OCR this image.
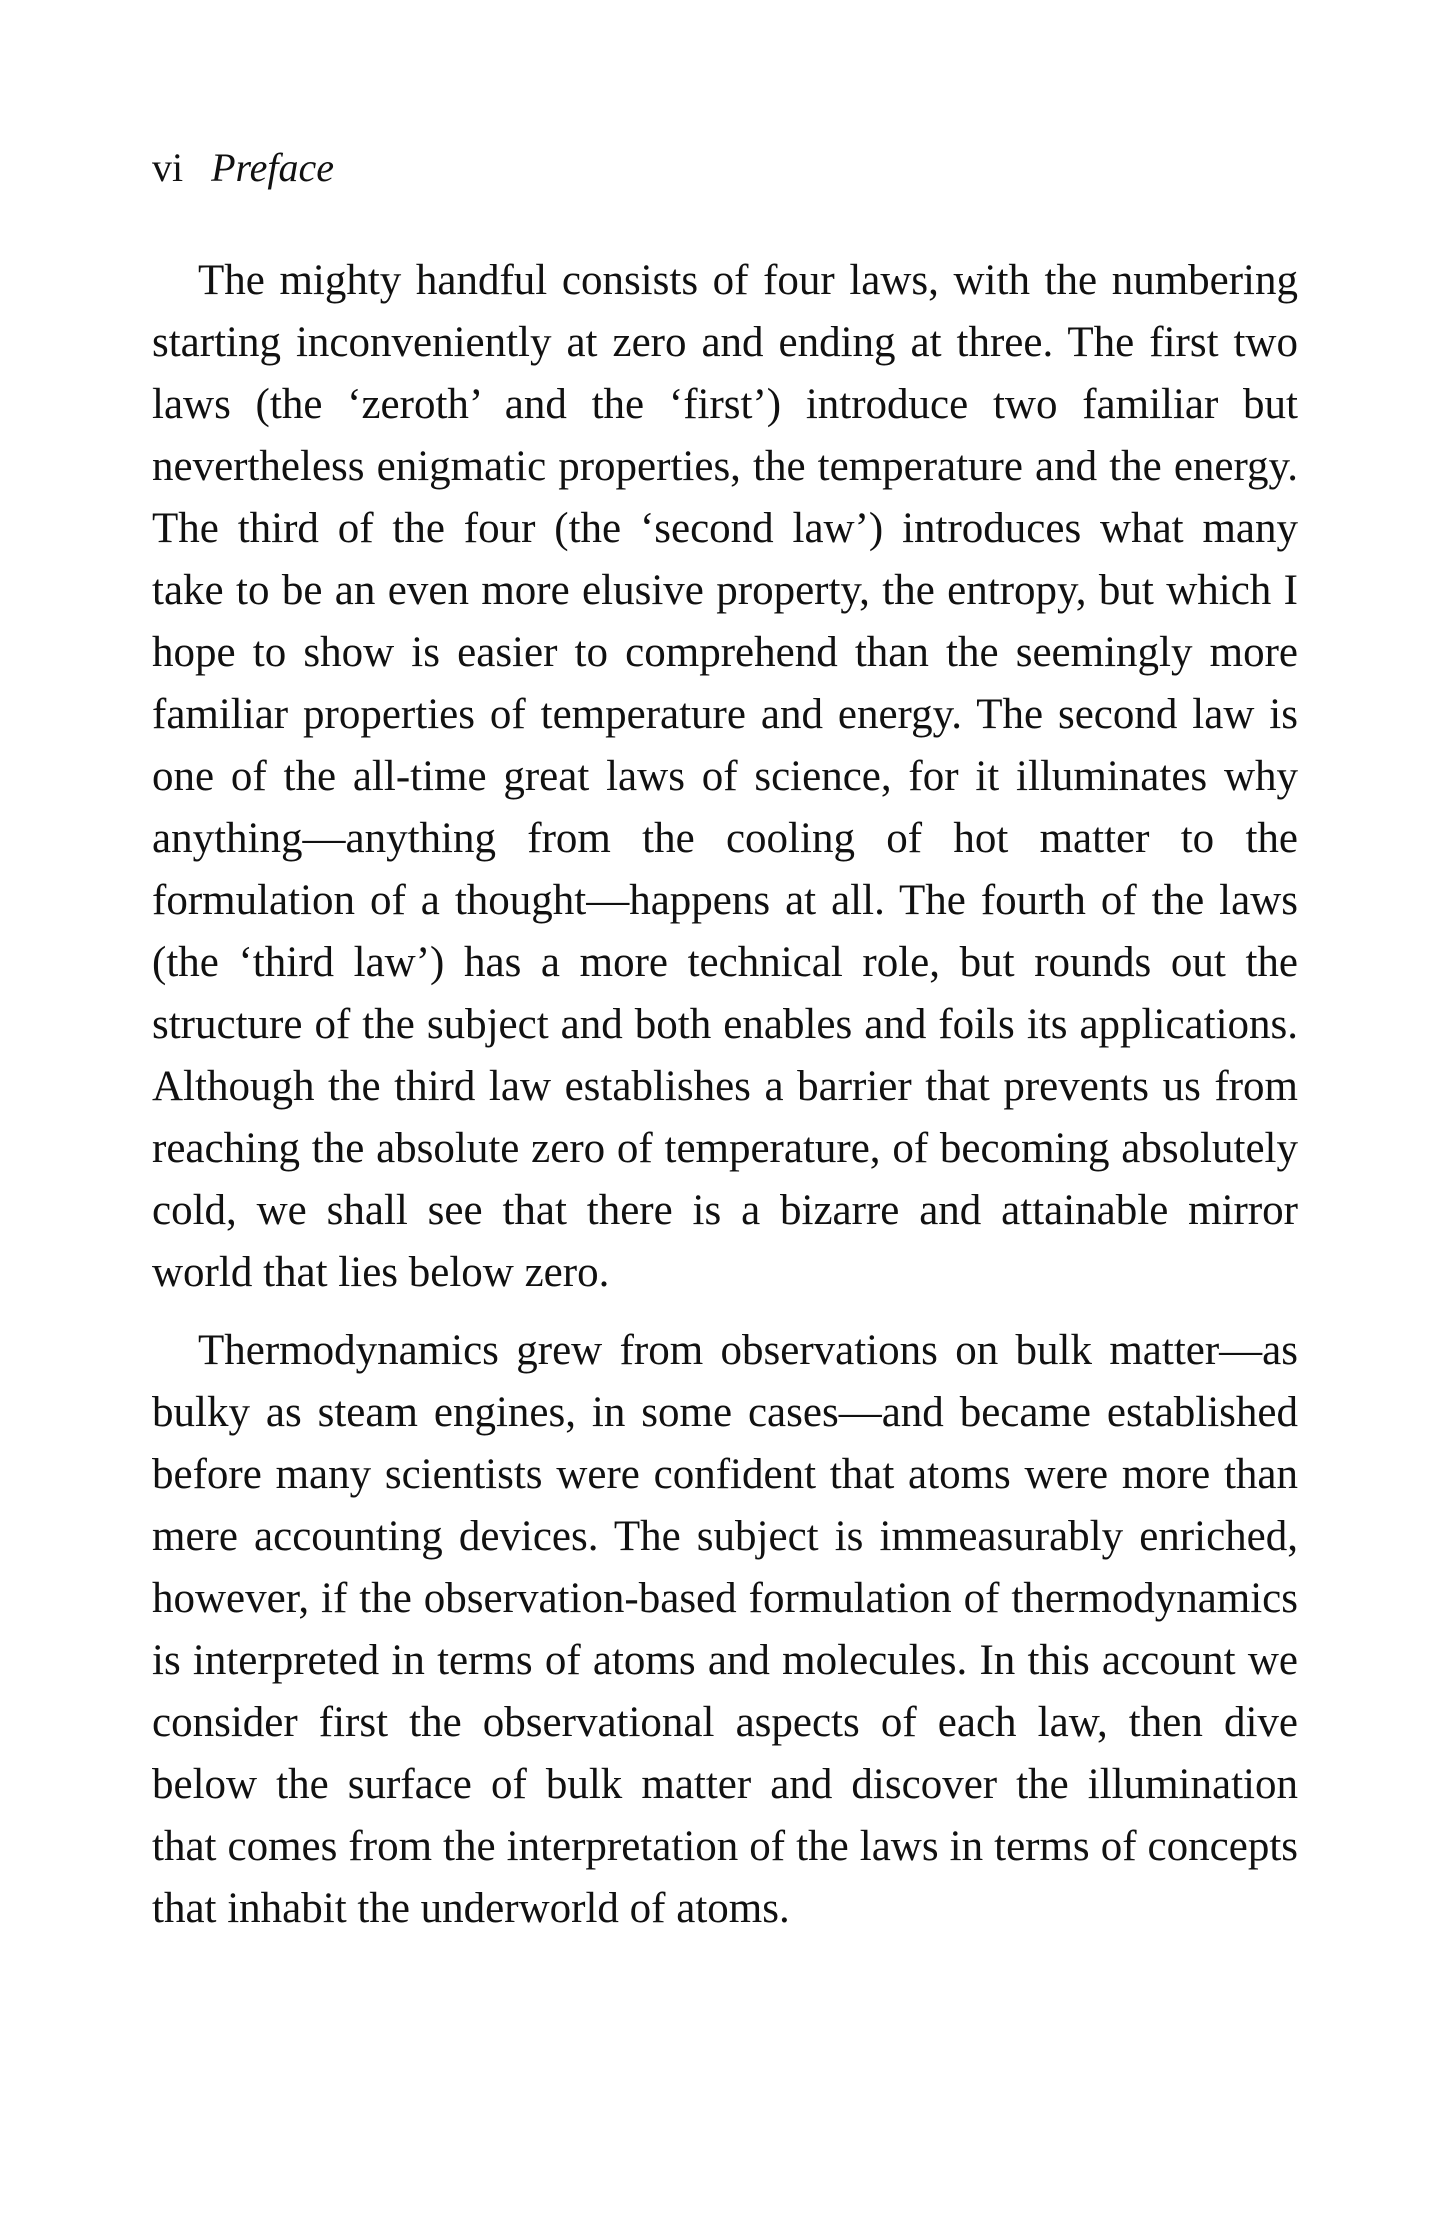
vi Preface

The mighty handful consists of four laws, with the numbering starting inconveniently at zero and ending at three. The first two laws (the ‘zeroth’ and the ‘first’) introduce two familiar but nevertheless enigmatic properties, the temperature and the energy. The third of the four (the ‘second law’) introduces what many take to be an even more elusive property, the entropy, but which I hope to show is easier to comprehend than the seemingly more familiar properties of temperature and energy. The second law is one of the all-time great laws of science, for it illuminates why anything—anything from the cooling of hot matter to the formulation of a thought—happens at all. The fourth of the laws (the ‘third law’) has a more technical role, but rounds out the structure of the subject and both enables and foils its applications. Although the third law establishes a barrier that prevents us from reaching the absolute zero of temperature, of becoming absolutely cold, we shall see that there is a bizarre and attainable mirror world that lies below zero.

Thermodynamics grew from observations on bulk matter—as bulky as steam engines, in some cases—and became established before many scientists were confident that atoms were more than mere accounting devices. The subject is immeasurably enriched, however, if the observation-based formulation of thermodynamics is interpreted in terms of atoms and molecules. In this account we consider first the observational aspects of each law, then dive below the surface of bulk matter and discover the illumination that comes from the interpretation of the laws in terms of concepts that inhabit the underworld of atoms.
